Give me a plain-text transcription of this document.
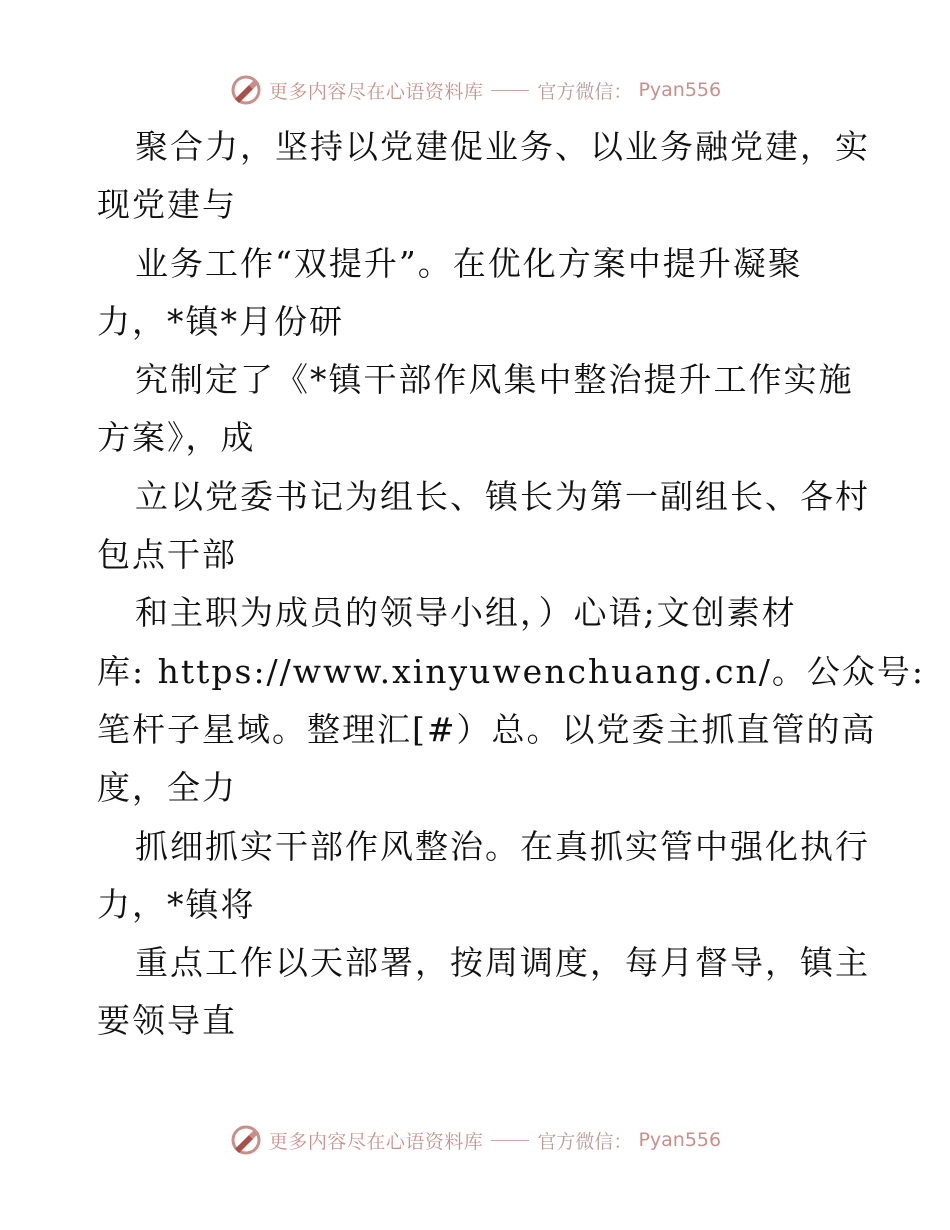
更多内容尽在心语资料库	官方微信： Pyan556
聚合力，坚持以党建促业务、以业务融党建，实
现党建与
业务工作“双提升”。在优化方案中提升凝聚
力，*镇*月份研
究制定了《*镇干部作风集中整治提升工作实施
方案》，成
立以党委书记为组长、镇长为第一副组长、各村
包点干部
和主职为成员的领导小组，）心语;文创素材
库: https://www.xinyuwenchuang.cn/。公众号:
笔杆子星域。整理汇[#）总。以党委主抓直管的高
度，全力
抓细抓实干部作风整治。在真抓实管中强化执行
力，*镇将
重点工作以天部署，按周调度，每月督导，镇主
要领导直
更多内容尽在心语资料库	官方微信： Pyan556
